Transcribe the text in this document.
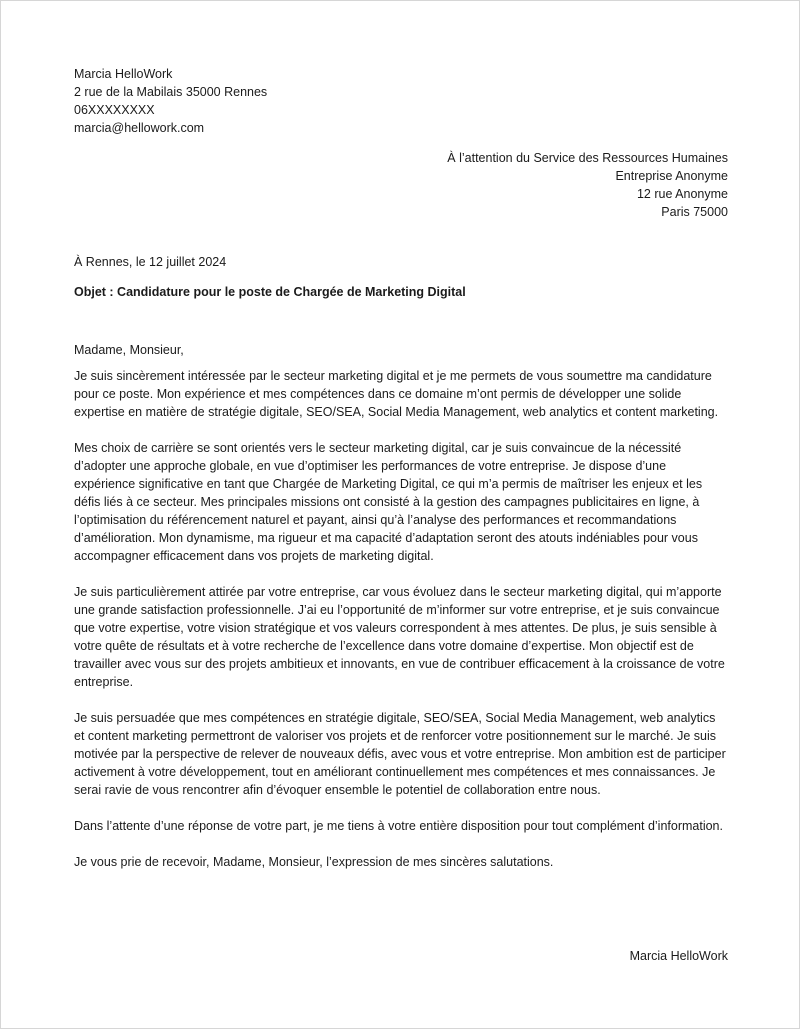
Marcia HelloWork
2 rue de la Mabilais 35000 Rennes
06XXXXXXXX
marcia@hellowork.com
À l’attention du Service des Ressources Humaines
Entreprise Anonyme
12 rue Anonyme
Paris 75000
À Rennes, le 12 juillet 2024
Objet : Candidature pour le poste de Chargée de Marketing Digital

Madame, Monsieur,

Je suis sincèrement intéressée par le secteur marketing digital et je me permets de vous soumettre ma candidature pour ce poste. Mon expérience et mes compétences dans ce domaine m’ont permis de développer une solide expertise en matière de stratégie digitale, SEO/SEA, Social Media Management, web analytics et content marketing.

Mes choix de carrière se sont orientés vers le secteur marketing digital, car je suis convaincue de la nécessité d’adopter une approche globale, en vue d’optimiser les performances de votre entreprise. Je dispose d’une expérience significative en tant que Chargée de Marketing Digital, ce qui m’a permis de maîtriser les enjeux et les défis liés à ce secteur. Mes principales missions ont consisté à la gestion des campagnes publicitaires en ligne, à l’optimisation du référencement naturel et payant, ainsi qu’à l’analyse des performances et recommandations d’amélioration. Mon dynamisme, ma rigueur et ma capacité d’adaptation seront des atouts indéniables pour vous accompagner efficacement dans vos projets de marketing digital.

Je suis particulièrement attirée par votre entreprise, car vous évoluez dans le secteur marketing digital, qui m’apporte une grande satisfaction professionnelle. J’ai eu l’opportunité de m’informer sur votre entreprise, et je suis convaincue que votre expertise, votre vision stratégique et vos valeurs correspondent à mes attentes. De plus, je suis sensible à votre quête de résultats et à votre recherche de l’excellence dans votre domaine d’expertise. Mon objectif est de travailler avec vous sur des projets ambitieux et innovants, en vue de contribuer efficacement à la croissance de votre entreprise.

Je suis persuadée que mes compétences en stratégie digitale, SEO/SEA, Social Media Management, web analytics et content marketing permettront de valoriser vos projets et de renforcer votre positionnement sur le marché. Je suis motivée par la perspective de relever de nouveaux défis, avec vous et votre entreprise. Mon ambition est de participer activement à votre développement, tout en améliorant continuellement mes compétences et mes connaissances. Je serai ravie de vous rencontrer afin d’évoquer ensemble le potentiel de collaboration entre nous.

Dans l’attente d’une réponse de votre part, je me tiens à votre entière disposition pour tout complément d’information.

Je vous prie de recevoir, Madame, Monsieur, l’expression de mes sincères salutations.

Marcia HelloWork
